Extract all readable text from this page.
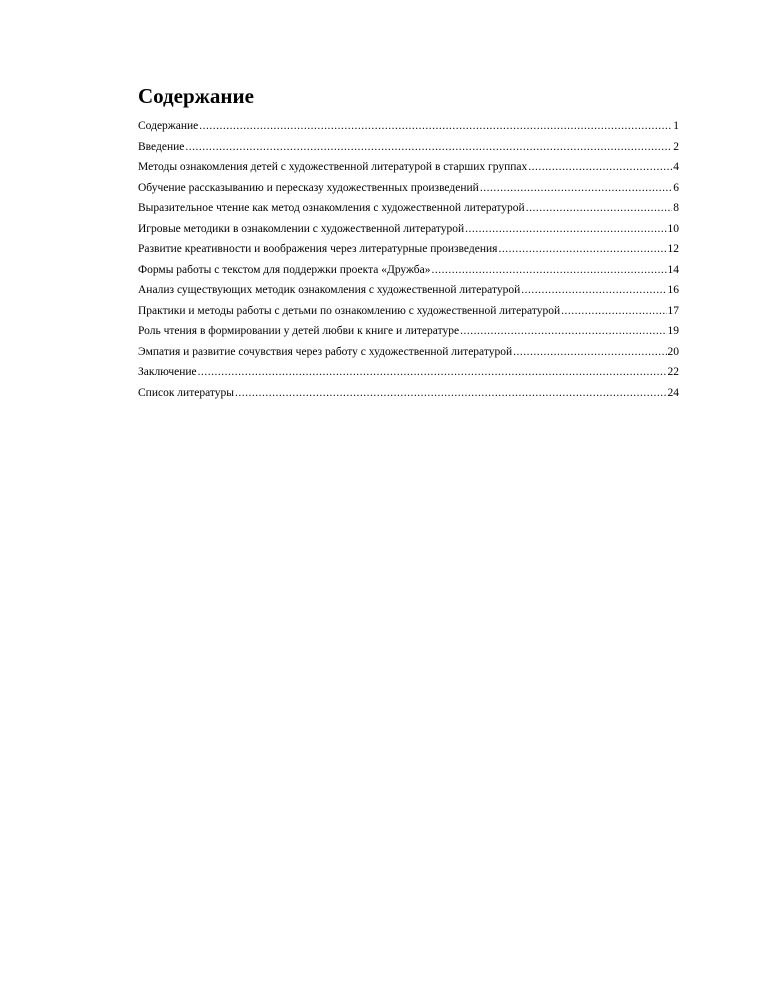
Содержание
Содержание .....	1
Введение .....	2
Методы ознакомления детей с художественной литературой в старших группах .....	4
Обучение рассказыванию и пересказу художественных произведений .....	6
Выразительное чтение как метод ознакомления с художественной литературой .....	8
Игровые методики в ознакомлении с художественной литературой .....	10
Развитие креативности и воображения через литературные произведения .....	12
Формы работы с текстом для поддержки проекта «Дружба» .....	14
Анализ существующих методик ознакомления с художественной литературой .....	16
Практики и методы работы с детьми по ознакомлению с художественной литературой .....	17
Роль чтения в формировании у детей любви к книге и литературе .....	19
Эмпатия и развитие сочувствия через работу с художественной литературой .....	20
Заключение .....	22
Список литературы .....	24
